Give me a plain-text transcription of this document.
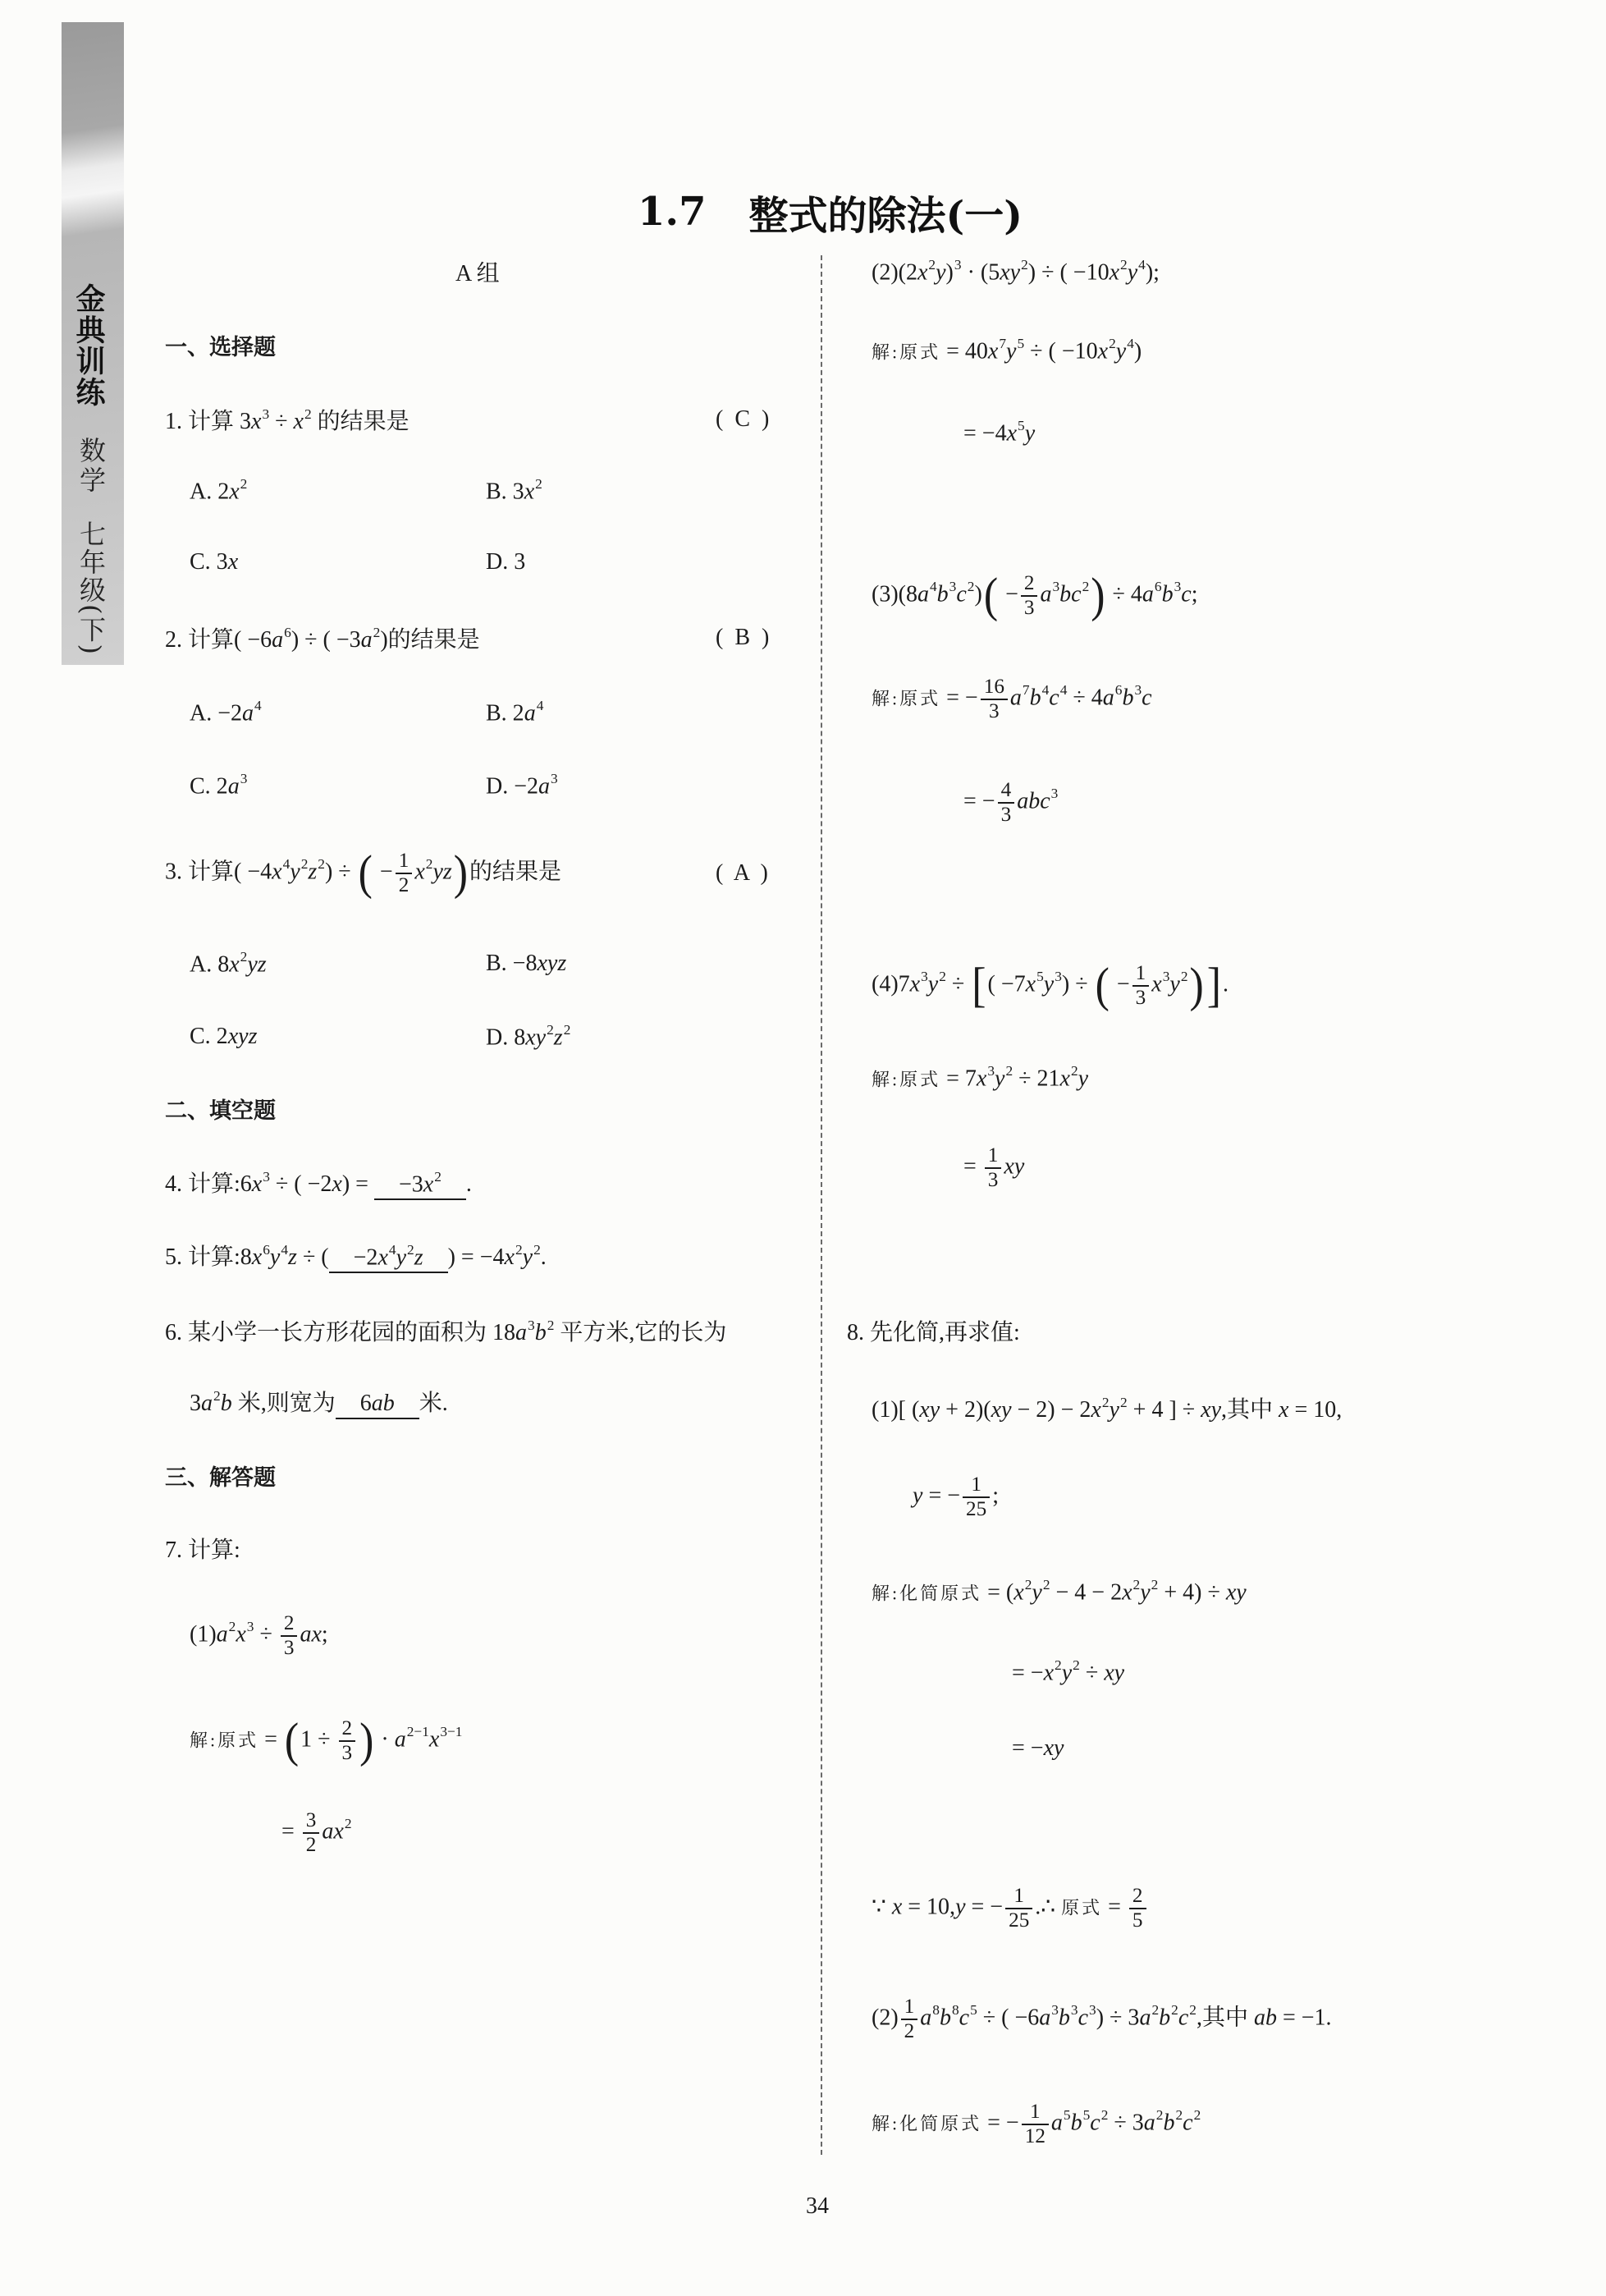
金典训练
数学
七年级(下)
1.7 整式的除法(一)
A 组
一、选择题
1. 计算 $3x^3 \div x^2$ 的结果是	(  C  )
A. $2x^2$	B. $3x^2$
C. 3x	D. 3
2. 计算( $-6a^6$) ÷ ( $-3a^2$)的结果是	(  B  )
A. $-2a^4$	B. $2a^4$
C. $2a^3$	D. $-2a^3$
3. 计算( $-4x^4y^2z^2$) ÷ ( − $\frac{1}{2} x^2yz$)的结果是	(  A  )
A. $8x^2yz$	B. −8xyz
C. 2xyz	D. $8xy^2z^2$
二、填空题
4. 计算$:6x^3$ ÷ ( $-2x) = -3x^2$ .
5. 计算$:8x^6y^4z$ ÷ ( $-2x^4y^2z$ ) = $-4x^2y^2$.
6. 某小学一长方形花园的面积为 $18a^3b^2$ 平方米,它的长为
$3a^2b$ 米,则宽为 6ab 米.
三、解答题
7. 计算:
$(1)a^2x^3 \div \frac{2}{3}$ ax;
解:原式 = ($1 \div \frac{2}{3}$ ) · $a^{2-1}x^{3-1}$
= $\frac{3}{2} ax^2$
$(2)(2x^2y)^3 \cdot (5xy^2)$ ÷ ( $-10x^2y^4$);
解:原式 = $40x^7y^5$ ÷ ( $-10x^2y^4$)
= $-4x^5y$
$(3)(8a^4b^3c^2)( - \frac{2}{3} a^3bc^2) \div 4a^6b^3c$;
解:原式 = − $\frac{16}{3} a^7b^4c^4 \div 4a^6b^3c$
= − $\frac{4}{3} abc^3$
$(4)7x^3y^2$ ÷ [( $-7x^5y^3$) ÷ ( − $\frac{1}{3} x^3y^2$)].
解:原式 = $7x^3y^2 \div 21x^2y$
= $\frac{1}{3}$ xy
8. 先化简,再求值:
(1)[ $(xy + 2)(xy - 2) - 2x^2y^2 + 4$ ] ÷ xy,其中 x = 10,
y = − $\frac{1}{25}$ ;
解:化简原式 = $(x^2y^2 - 4 - 2x^2y^2 + 4)$ ÷ xy
= $-x^2y^2$ ÷ xy
= −xy
∵ x = 10,y = − $\frac{1}{25}$ .∴ 原式 = $\frac{2}{5}$
$(2) \frac{1}{2} a^8b^8c^5$ ÷ ( $-6a^3b^3c^3) \div 3a^2b^2c^2$,其中 ab = −1.
解:化简原式 = − $\frac{1}{12} a^5b^5c^2 \div 3a^2b^2c^2$
34
